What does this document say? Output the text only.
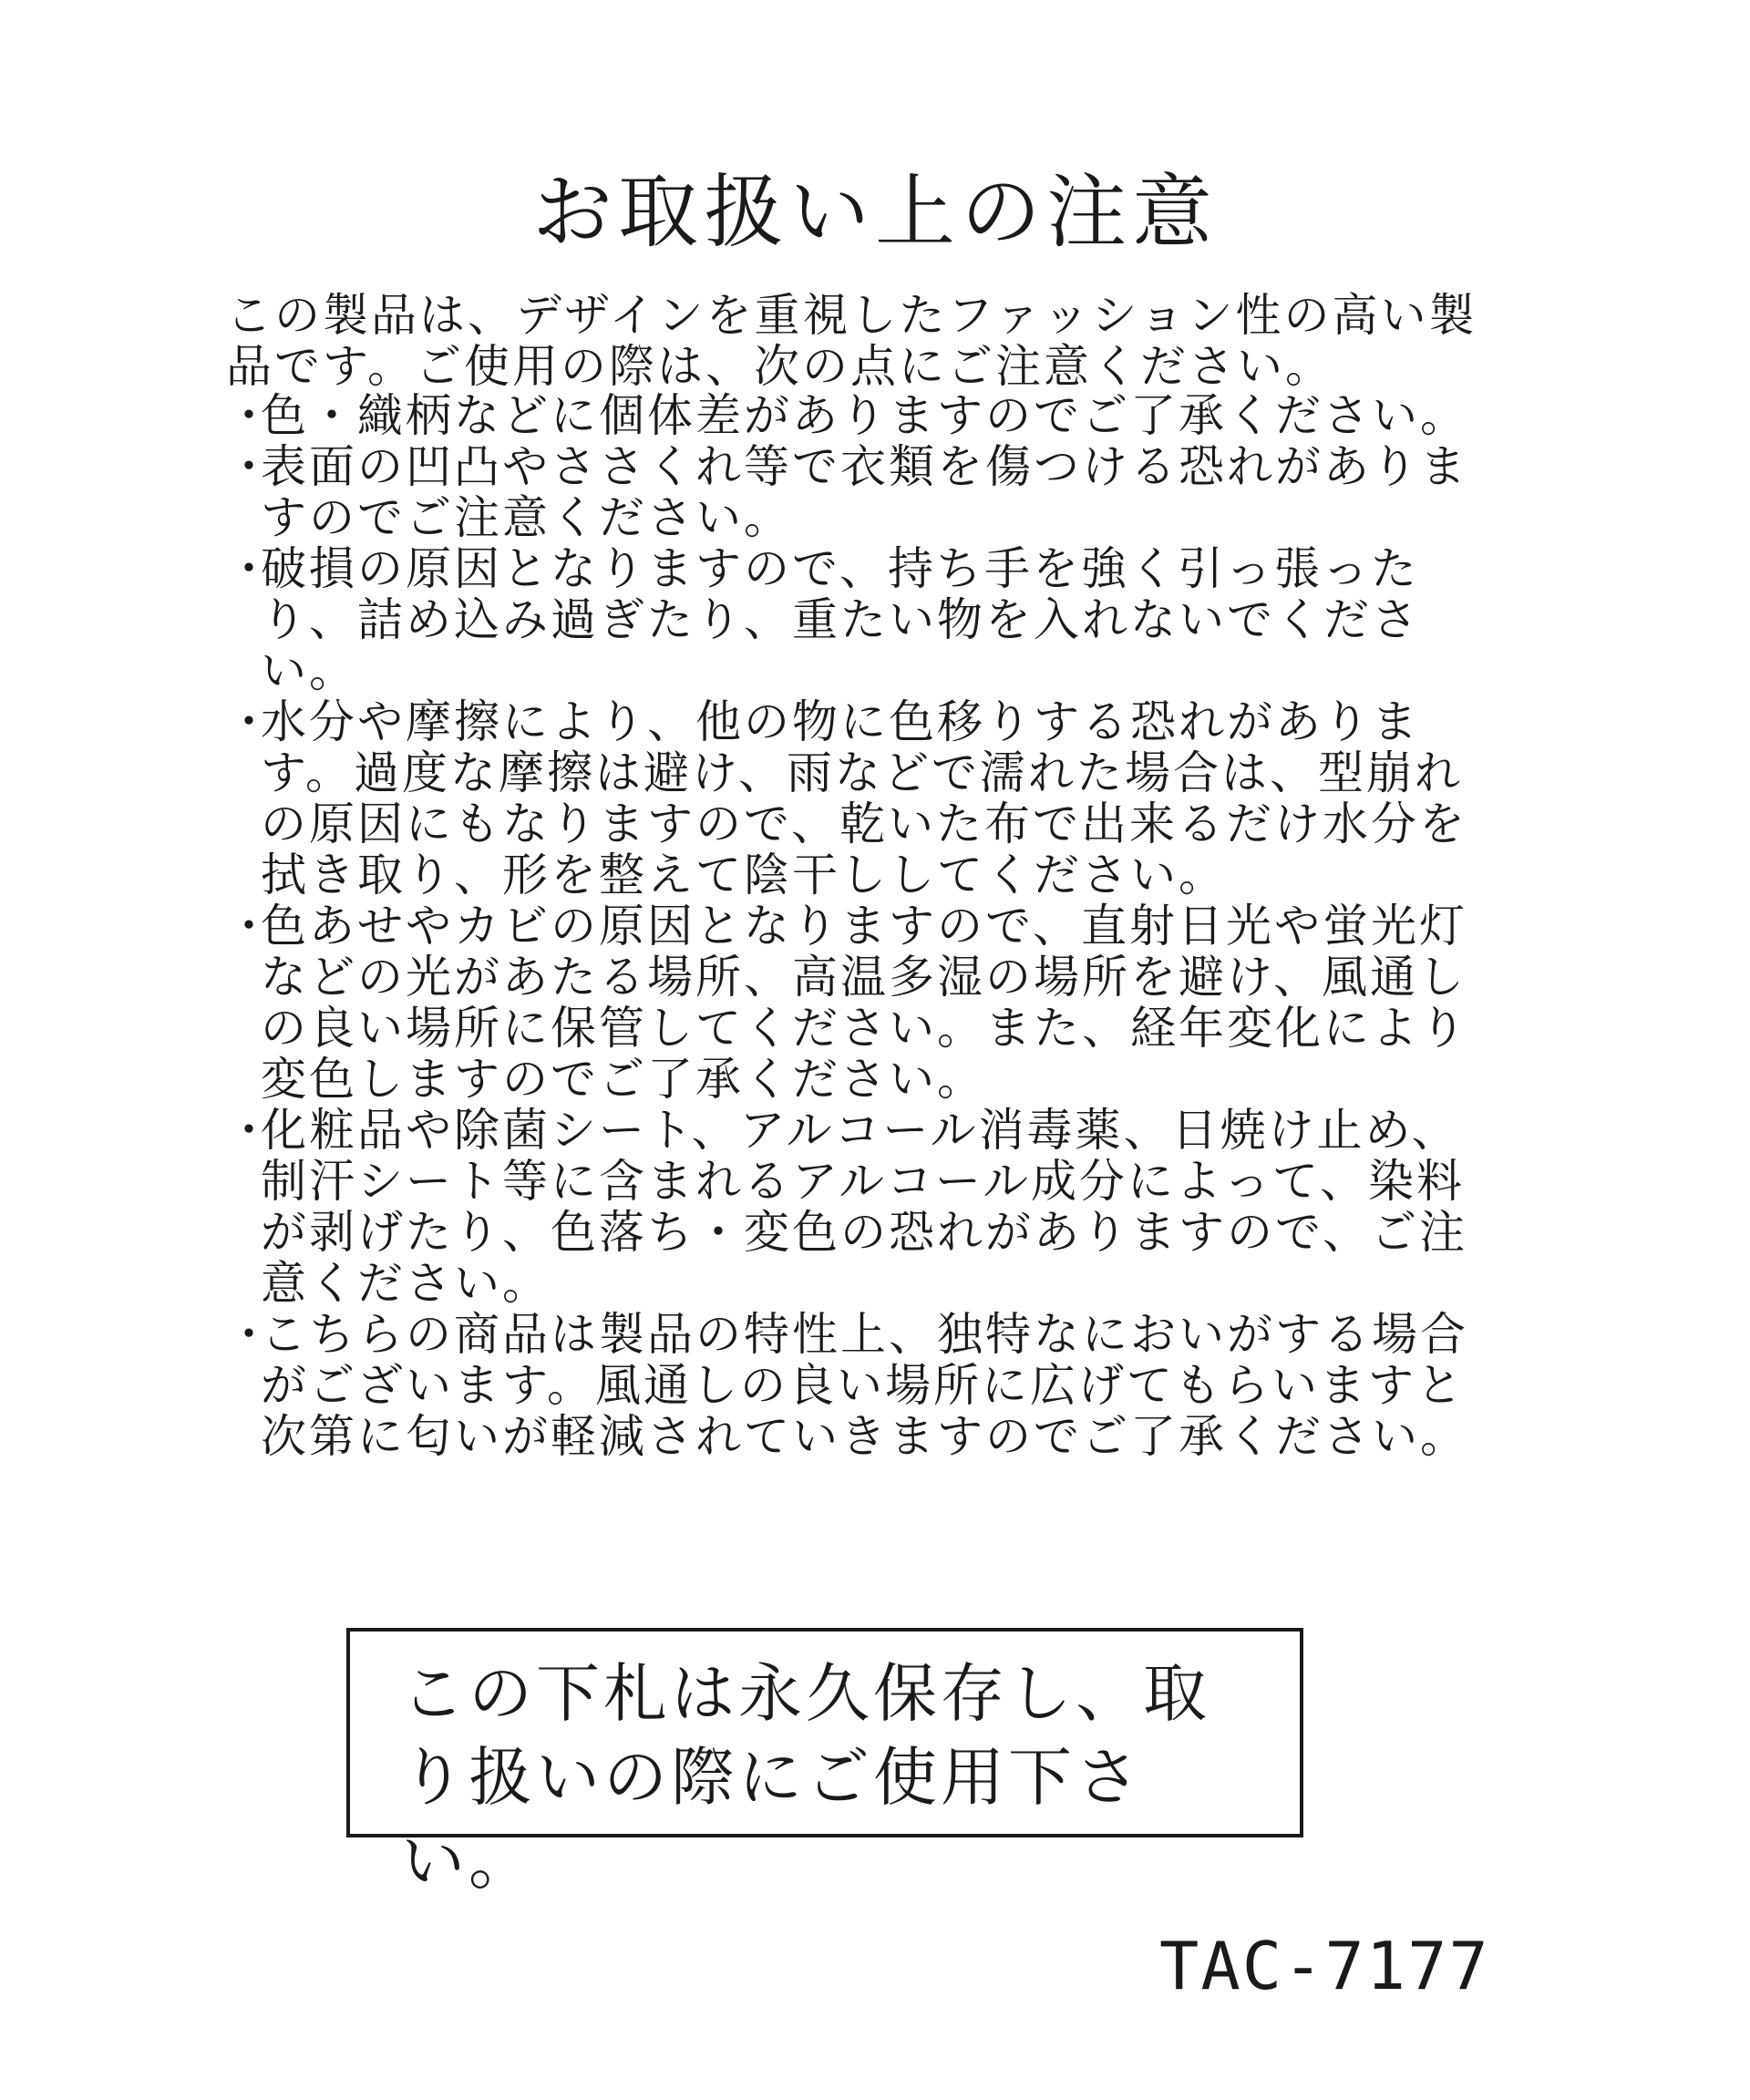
お取扱い上の注意

この製品は、デザインを重視したファッション性の高い製品です。ご使用の際は、次の点にご注意ください。

・
色・織柄などに個体差がありますのでご了承ください。
・
表面の凹凸やささくれ等で衣類を傷つける恐れがありますのでご注意ください。
・
破損の原因となりますので、持ち手を強く引っ張ったり、詰め込み過ぎたり、重たい物を入れないでください。
・
水分や摩擦により、他の物に色移りする恐れがあります。過度な摩擦は避け、雨などで濡れた場合は、型崩れの原因にもなりますので、乾いた布で出来るだけ水分を拭き取り、形を整えて陰干ししてください。
・
色あせやカビの原因となりますので、直射日光や蛍光灯などの光があたる場所、高温多湿の場所を避け、風通しの良い場所に保管してください。また、経年変化により変色しますのでご了承ください。
・
化粧品や除菌シート、アルコール消毒薬、日焼け止め、制汗シート等に含まれるアルコール成分によって、染料が剥げたり、色落ち・変色の恐れがありますので、ご注意ください。
・
こちらの商品は製品の特性上、独特なにおいがする場合がございます。風通しの良い場所に広げてもらいますと次第に匂いが軽減されていきますのでご了承ください。
この下札は永久保存し、取り扱いの際にご使用下さい。
TAC-7177
